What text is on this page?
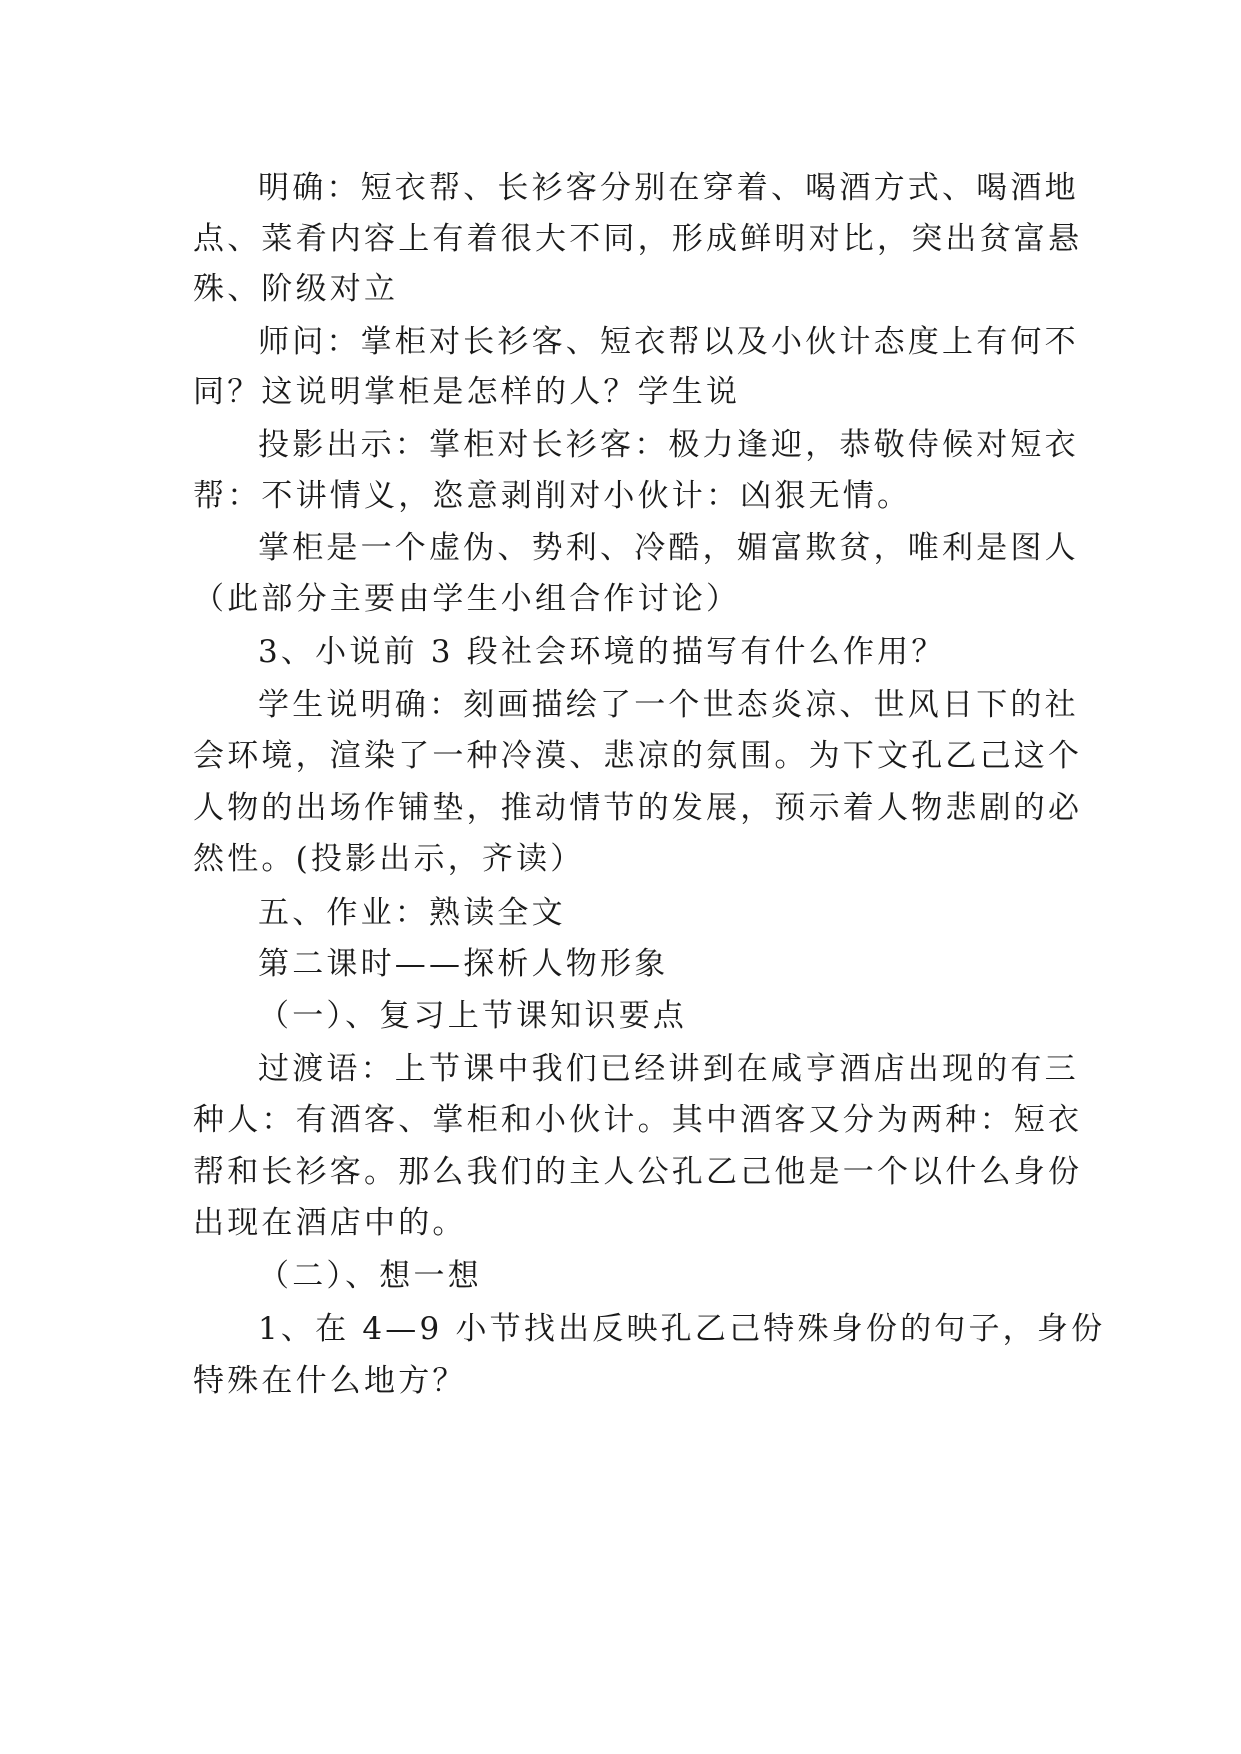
明确：短衣帮、长衫客分别在穿着、喝酒方式、喝酒地
点、菜肴内容上有着很大不同，形成鲜明对比，突出贫富悬
殊、阶级对立
师问：掌柜对长衫客、短衣帮以及小伙计态度上有何不
同？这说明掌柜是怎样的人？学生说
投影出示：掌柜对长衫客：极力逢迎，恭敬侍候对短衣
帮：不讲情义，恣意剥削对小伙计：凶狠无情。
掌柜是一个虚伪、势利、冷酷，媚富欺贫，唯利是图人
（此部分主要由学生小组合作讨论）
3、小说前 3 段社会环境的描写有什么作用？
学生说明确：刻画描绘了一个世态炎凉、世风日下的社
会环境，渲染了一种冷漠、悲凉的氛围。为下文孔乙己这个
人物的出场作铺垫，推动情节的发展，预示着人物悲剧的必
然性。(投影出示，齐读）
五、作业：熟读全文
第二课时——探析人物形象
（一）、复习上节课知识要点
过渡语：上节课中我们已经讲到在咸亨酒店出现的有三
种人：有酒客、掌柜和小伙计。其中酒客又分为两种：短衣
帮和长衫客。那么我们的主人公孔乙己他是一个以什么身份
出现在酒店中的。
（二）、想一想
1、在 4—9 小节找出反映孔乙己特殊身份的句子，身份
特殊在什么地方？
